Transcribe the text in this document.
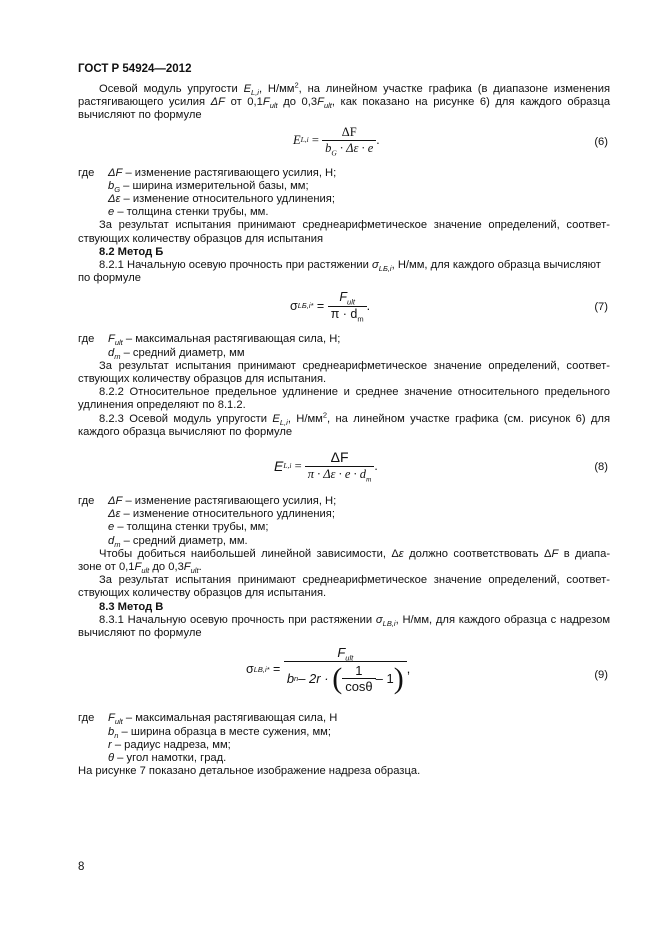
ГОСТ Р 54924—2012

Осевой модуль упругости $E_{L,i}$, $Н/мм^2$, на линейном участке графика (в диапазоне изменения растягивающего усилия ΔF от $0,1F_{ult}$ до $0,3F_{ult}$, как показано на рисунке 6) для каждого образца вычисляют по формуле

E $L,i = \frac{\Delta F}{b_G \cdot \Delta\varepsilon \cdot e}$ .	(6)
где	ΔF – изменение растягивающего усилия, Н;

$b_G$ – ширина измерительной базы, мм;

Δε – изменение относительного удлинения;

e – толщина стенки трубы, мм.

За результат испытания принимают среднеарифметическое значение определений, соответ-

ствующих количеству образцов для испытания

8.2 Метод Б

8.2.1 Начальную осевую прочность при растяжении $\sigma_{LБ,i}$, Н/мм, для каждого образца вычисляют

по формуле

σ $LБ,i* = \frac{F_{ult}}{\pi \cdot d_m}$ .	(7)
где	$F_{ult}$ – максимальная растягивающая сила, Н;

$d_m$ – средний диаметр, мм

За результат испытания принимают среднеарифметическое значение определений, соответ-

ствующих количеству образцов для испытания.

8.2.2 Относительное предельное удлинение и среднее значение относительного предельного

удлинения определяют по 8.1.2.

8.2.3 Осевой модуль упругости $E_{L,i}$, $Н/мм^2$, на линейном участке графика (см. рисунок 6) для

каждого образца вычисляют по формуле

E $L,i = \frac{\Delta F}{\pi \cdot \Delta\varepsilon \cdot e \cdot d_m}$ .	(8)
где	ΔF – изменение растягивающего усилия, Н;

Δε – изменение относительного удлинения;

e – толщина стенки трубы, мм;

$d_m$ – средний диаметр, мм.

Чтобы добиться наибольшей линейной зависимости, Δε должно соответствовать ΔF в диапа-

зоне от $0,1F_{ult}$ до $0,3F_{ult}$.

За результат испытания принимают среднеарифметическое значение определений, соответ-

ствующих количеству образцов для испытания.

8.3 Метод В

8.3.1 Начальную осевую прочность при растяжении $\sigma_{LB,i}$, Н/мм, для каждого образца с надрезом

вычисляют по формуле

σ LB,i* =
$F_{ult}$
b n – 2r ·
( $\frac{1}{\cos\theta} - 1$ ) ,	(9)
где	$F_{ult}$ – максимальная растягивающая сила, Н

$b_n$ – ширина образца в месте сужения, мм;

r – радиус надреза, мм;

θ – угол намотки, град.

На рисунке 7 показано детальное изображение надреза образца.

8
